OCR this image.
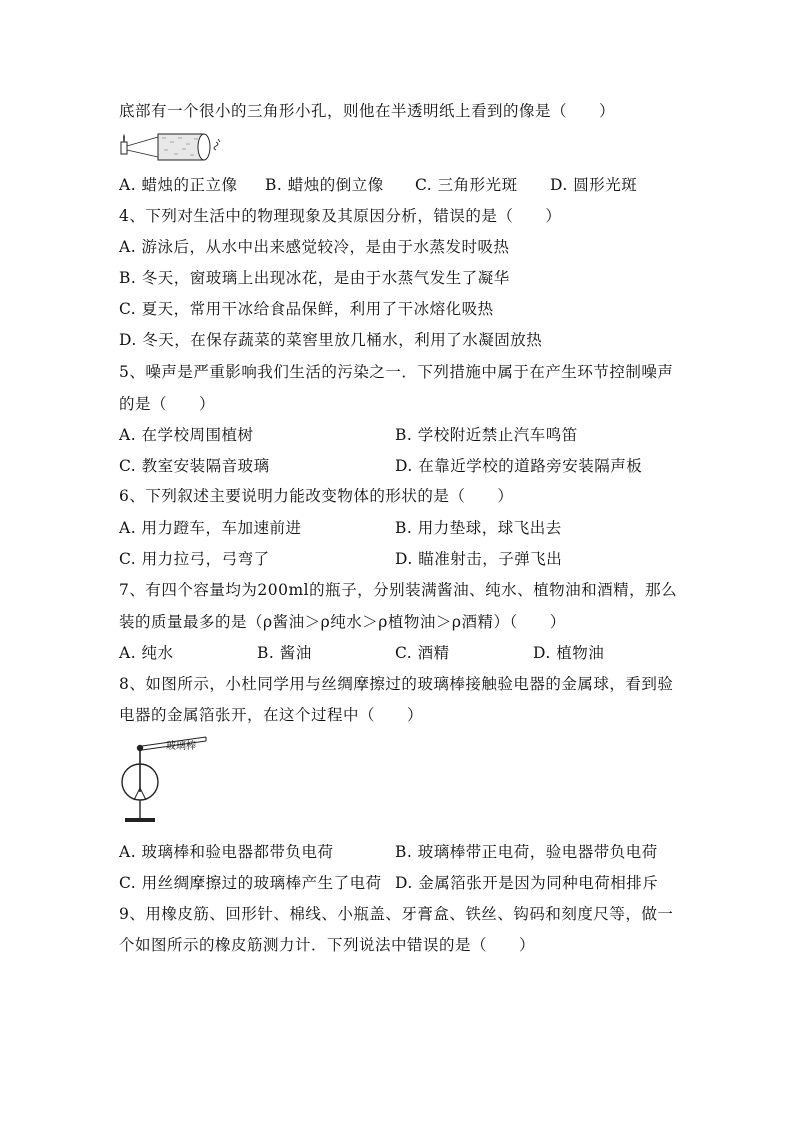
底部有一个很小的三角形小孔，则他在半透明纸上看到的像是（　　）
A. 蜡烛的正立像 B. 蜡烛的倒立像 C. 三角形光斑 D. 圆形光斑
4、下列对生活中的物理现象及其原因分析，错误的是（　　）
A. 游泳后，从水中出来感觉较冷，是由于水蒸发时吸热
B. 冬天，窗玻璃上出现冰花，是由于水蒸气发生了凝华
C. 夏天，常用干冰给食品保鲜，利用了干冰熔化吸热
D. 冬天，在保存蔬菜的菜窖里放几桶水，利用了水凝固放热
5、噪声是严重影响我们生活的污染之一．下列措施中属于在产生环节控制噪声
的是（　　）
A. 在学校周围植树	B. 学校附近禁止汽车鸣笛
C. 教室安装隔音玻璃	D. 在靠近学校的道路旁安装隔声板
6、下列叙述主要说明力能改变物体的形状的是（　　）
A. 用力蹬车，车加速前进	B. 用力垫球，球飞出去
C. 用力拉弓，弓弯了	D. 瞄准射击，子弹飞出
7、有四个容量均为200ml的瓶子，分别装满酱油、纯水、植物油和酒精，那么
装的质量最多的是（ρ酱油＞ρ纯水＞ρ植物油＞ρ酒精）（　　）
A. 纯水	B. 酱油	C. 酒精	D. 植物油
8、如图所示，小杜同学用与丝绸摩擦过的玻璃棒接触验电器的金属球，看到验
电器的金属箔张开，在这个过程中（　　）
玻璃棒
A. 玻璃棒和验电器都带负电荷	B. 玻璃棒带正电荷，验电器带负电荷
C. 用丝绸摩擦过的玻璃棒产生了电荷 D. 金属箔张开是因为同种电荷相排斥
9、用橡皮筋、回形针、棉线、小瓶盖、牙膏盒、铁丝、钩码和刻度尺等，做一
个如图所示的橡皮筋测力计．下列说法中错误的是（　　）
